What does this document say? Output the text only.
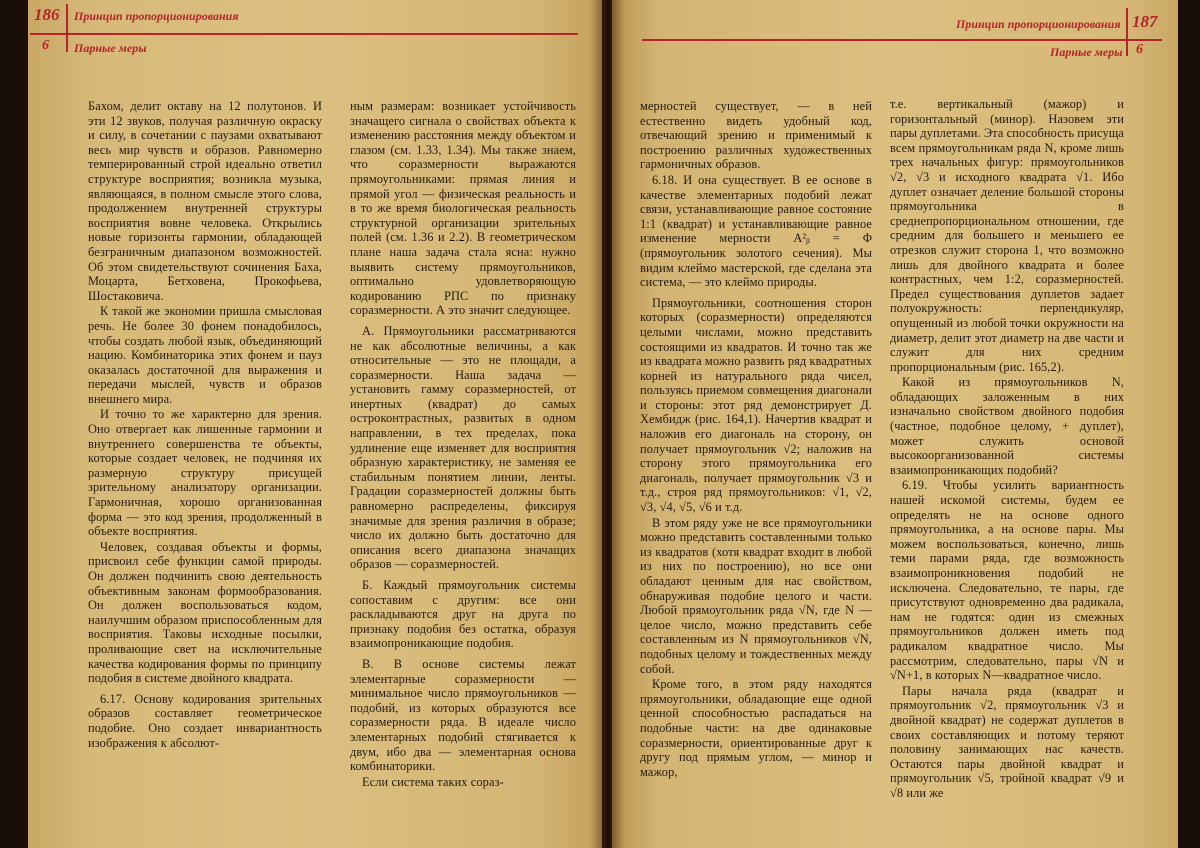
186 Принцип пропорционирования
6 Парные меры

Бахом, делит октаву на 12 полутонов. И эти 12 звуков, получая различную окраску и силу, в сочетании с паузами охватывают весь мир чувств и образов. Равномерно темперированный строй идеально ответил структуре восприятия; возникла музыка, являющаяся, в полном смысле этого слова, продолжением внутренней структуры восприятия вовне человека. Открылись новые горизонты гармонии, обладающей безграничным диапазоном возможностей. Об этом свидетельствуют сочинения Баха, Моцарта, Бетховена, Прокофьева, Шостаковича.

К такой же экономии пришла смысловая речь. Не более 30 фонем понадобилось, чтобы создать любой язык, объединяющий нацию. Комбинаторика этих фонем и пауз оказалась достаточной для выражения и передачи мыслей, чувств и образов внешнего мира.

И точно то же характерно для зрения. Оно отвергает как лишенные гармонии и внутреннего совершенства те объекты, которые создает человек, не подчиняя их размерную структуру присущей зрительному анализатору организации. Гармоничная, хорошо организованная форма — это код зрения, продолженный в объекте восприятия.

Человек, создавая объекты и формы, присвоил себе функции самой природы. Он должен подчинить свою деятельность объективным законам формообразования. Он должен воспользоваться кодом, наилучшим образом приспособленным для восприятия. Таковы исходные посылки, проливающие свет на исключительные качества кодирования формы по принципу подобия в системе двойного квадрата.

6.17. Основу кодирования зрительных образов составляет геометрическое подобие. Оно создает инвариантность изображения к абсолют-

ным размерам: возникает устойчивость значащего сигнала о свойствах объекта к изменению расстояния между объектом и глазом (см. 1.33, 1.34). Мы также знаем, что соразмерности выражаются прямоугольниками: прямая линия и прямой угол — физическая реальность и в то же время биологическая реальность структурной организации зрительных полей (см. 1.36 и 2.2). В геометрическом плане наша задача стала ясна: нужно выявить систему прямоугольников, оптимально удовлетворяющую кодированию РПС по признаку соразмерности. А это значит следующее.

А. Прямоугольники рассматриваются не как абсолютные величины, а как относительные — это не площади, а соразмерности. Наша задача — установить гамму соразмерностей, от инертных (квадрат) до самых остроконтрастных, развитых в одном направлении, в тех пределах, пока удлинение еще изменяет для восприятия образную характеристику, не заменяя ее стабильным понятием линии, ленты. Градации соразмерностей должны быть равномерно распределены, фиксируя значимые для зрения различия в образе; число их должно быть достаточно для описания всего диапазона значащих образов — соразмерностей.

Б. Каждый прямоугольник системы сопоставим с другим: все они раскладываются друг на друга по признаку подобия без остатка, образуя взаимопроникающие подобия.

В. В основе системы лежат элементарные соразмерности — минимальное число прямоугольников — подобий, из которых образуются все соразмерности ряда. В идеале число элементарных подобий стягивается к двум, ибо два — элементарная основа комбинаторики.

Если система таких сораз-

Принцип пропорционирования 187
Парные меры 6

мерностей существует, — в ней естественно видеть удобный код, отвечающий зрению и применимый к построению различных художественных гармоничных образов.

6.18. И она существует. В ее основе в качестве элементарных подобий лежат связи, устанавливающие равное состояние 1:1 (квадрат) и устанавливающие равное изменение мерности A²ᵦ = Φ (прямоугольник золотого сечения). Мы видим клеймо мастерской, где сделана эта система, — это клеймо природы.

Прямоугольники, соотношения сторон которых (соразмерности) определяются целыми числами, можно представить состоящими из квадратов. И точно так же из квадрата можно развить ряд квадратных корней из натурального ряда чисел, пользуясь приемом совмещения диагонали и стороны: этот ряд демонстрирует Д. Хембидж (рис. 164,1). Начертив квадрат и наложив его диагональ на сторону, он получает прямоугольник √2; наложив на сторону этого прямоугольника его диагональ, получает прямоугольник √3 и т.д., строя ряд прямоугольников: √1, √2, √3, √4, √5, √6 и т.д.

В этом ряду уже не все прямоугольники можно представить составленными только из квадратов (хотя квадрат входит в любой из них по построению), но все они обладают ценным для нас свойством, обнаруживая подобие целого и части. Любой прямоугольник ряда √N, где N — целое число, можно представить себе составленным из N прямоугольников √N, подобных целому и тождественных между собой.

Кроме того, в этом ряду находятся прямоугольники, обладающие еще одной ценной способностью распадаться на подобные части: на две одинаковые соразмерности, ориентированные друг к другу под прямым углом, — минор и мажор,

т.е. вертикальный (мажор) и горизонтальный (минор). Назовем эти пары дуплетами. Эта способность присуща всем прямоугольникам ряда N, кроме лишь трех начальных фигур: прямоугольников √2, √3 и исходного квадрата √1. Ибо дуплет означает деление большой стороны прямоугольника в среднепропорциональном отношении, где средним для большего и меньшего ее отрезков служит сторона 1, что возможно лишь для двойного квадрата и более контрастных, чем 1:2, соразмерностей. Предел существования дуплетов задает полуокружность: перпендикуляр, опущенный из любой точки окружности на диаметр, делит этот диаметр на две части и служит для них средним пропорциональным (рис. 165,2).

Какой из прямоугольников N, обладающих заложенным в них изначально свойством двойного подобия (частное, подобное целому, + дуплет), может служить основой высокоорганизованной системы взаимопроникающих подобий?

6.19. Чтобы усилить вариантность нашей искомой системы, будем ее определять не на основе одного прямоугольника, а на основе пары. Мы можем воспользоваться, конечно, лишь теми парами ряда, где возможность взаимопроникновения подобий не исключена. Следовательно, те пары, где присутствуют одновременно два радикала, нам не годятся: один из смежных прямоугольников должен иметь под радикалом квадратное число. Мы рассмотрим, следовательно, пары √N и √N+1, в которых N—квадратное число.

Пары начала ряда (квадрат и прямоугольник √2, прямоугольник √3 и двойной квадрат) не содержат дуплетов в своих составляющих и потому теряют половину занимающих нас качеств. Остаются пары двойной квадрат и прямоугольник √5, тройной квадрат √9 и √8 или же
